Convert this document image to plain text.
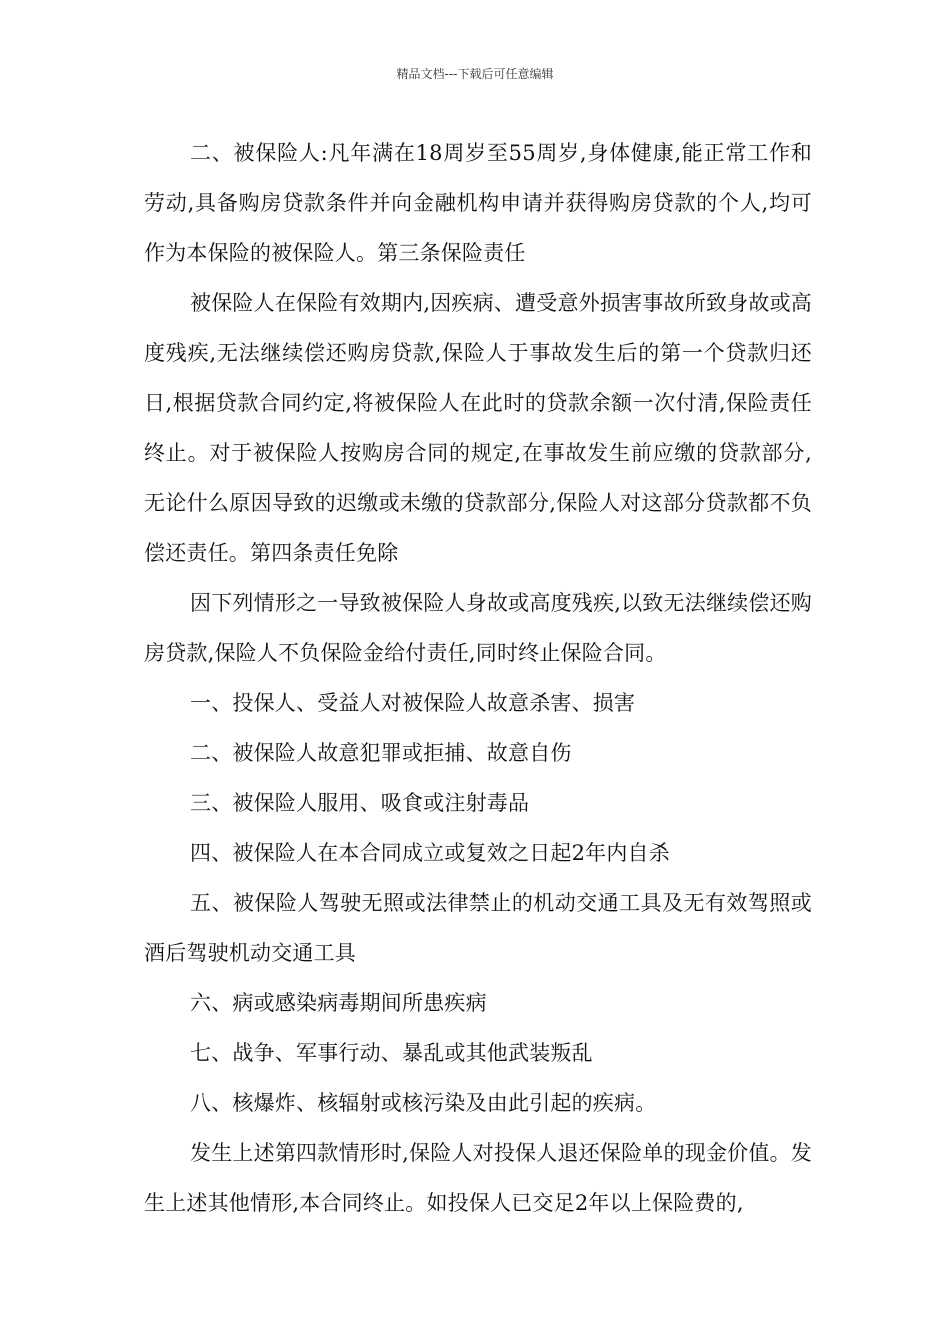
精品文档---下载后可任意编辑

二、被保险人:凡年满在18周岁至55周岁,身体健康,能正常工作和劳动,具备购房贷款条件并向金融机构申请并获得购房贷款的个人,均可作为本保险的被保险人。第三条保险责任

被保险人在保险有效期内,因疾病、遭受意外损害事故所致身故或高度残疾,无法继续偿还购房贷款,保险人于事故发生后的第一个贷款归还日,根据贷款合同约定,将被保险人在此时的贷款余额一次付清,保险责任终止。对于被保险人按购房合同的规定,在事故发生前应缴的贷款部分,无论什么原因导致的迟缴或未缴的贷款部分,保险人对这部分贷款都不负偿还责任。第四条责任免除

因下列情形之一导致被保险人身故或高度残疾,以致无法继续偿还购房贷款,保险人不负保险金给付责任,同时终止保险合同。

一、投保人、受益人对被保险人故意杀害、损害

二、被保险人故意犯罪或拒捕、故意自伤

三、被保险人服用、吸食或注射毒品

四、被保险人在本合同成立或复效之日起2年内自杀

五、被保险人驾驶无照或法律禁止的机动交通工具及无有效驾照或酒后驾驶机动交通工具

六、病或感染病毒期间所患疾病

七、战争、军事行动、暴乱或其他武装叛乱

八、核爆炸、核辐射或核污染及由此引起的疾病。

发生上述第四款情形时,保险人对投保人退还保险单的现金价值。发生上述其他情形,本合同终止。如投保人已交足2年以上保险费的,
